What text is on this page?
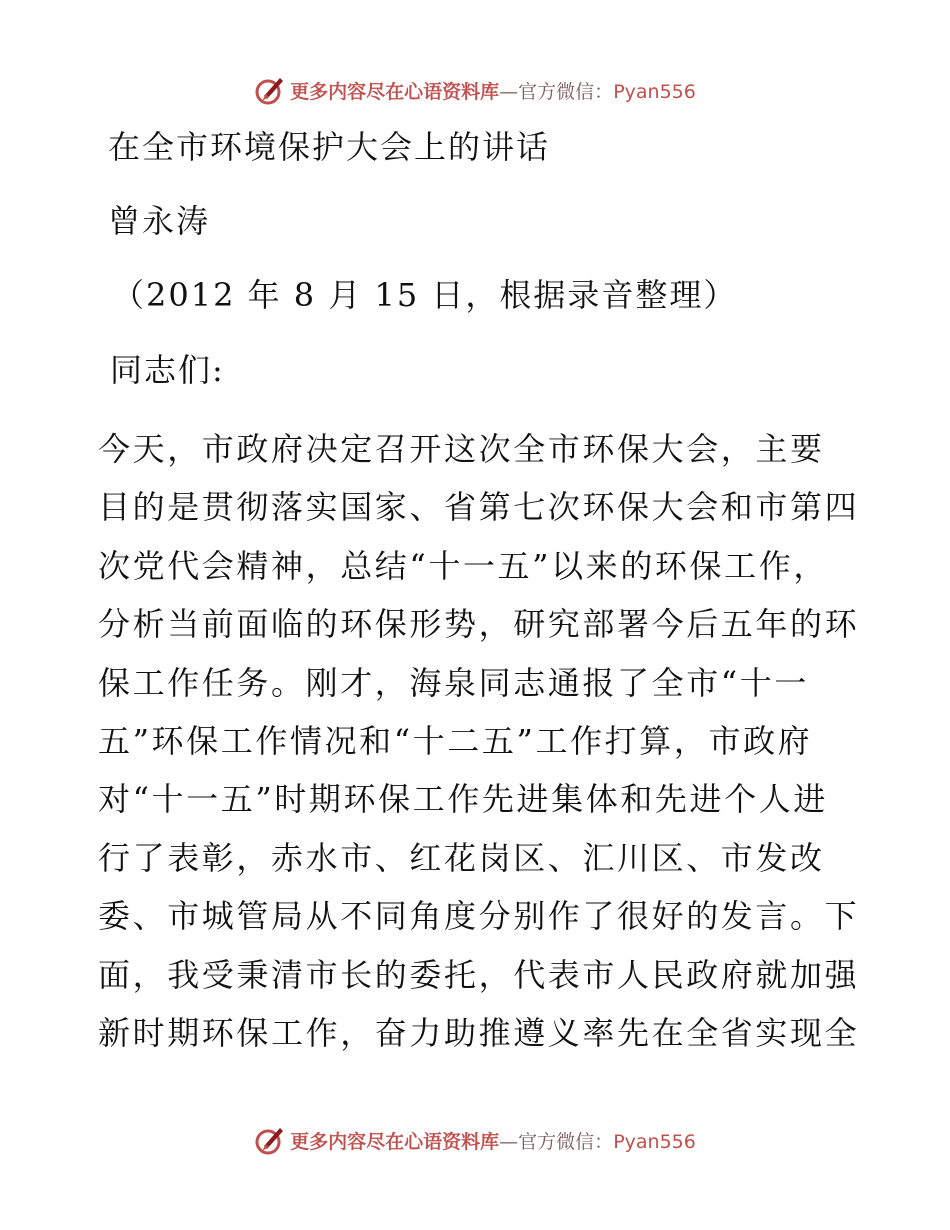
更多内容尽在心语资料库—官方微信：Pyan556
在全市环境保护大会上的讲话
曾永涛
（2012 年 8 月 15 日，根据录音整理）
同志们:
今天，市政府决定召开这次全市环保大会，主要
目的是贯彻落实国家、省第七次环保大会和市第四
次党代会精神，总结“十一五”以来的环保工作，
分析当前面临的环保形势，研究部署今后五年的环
保工作任务。刚才，海泉同志通报了全市“十一
五”环保工作情况和“十二五”工作打算，市政府
对“十一五”时期环保工作先进集体和先进个人进
行了表彰，赤水市、红花岗区、汇川区、市发改
委、市城管局从不同角度分别作了很好的发言。下
面，我受秉清市长的委托，代表市人民政府就加强
新时期环保工作，奋力助推遵义率先在全省实现全
更多内容尽在心语资料库—官方微信：Pyan556
